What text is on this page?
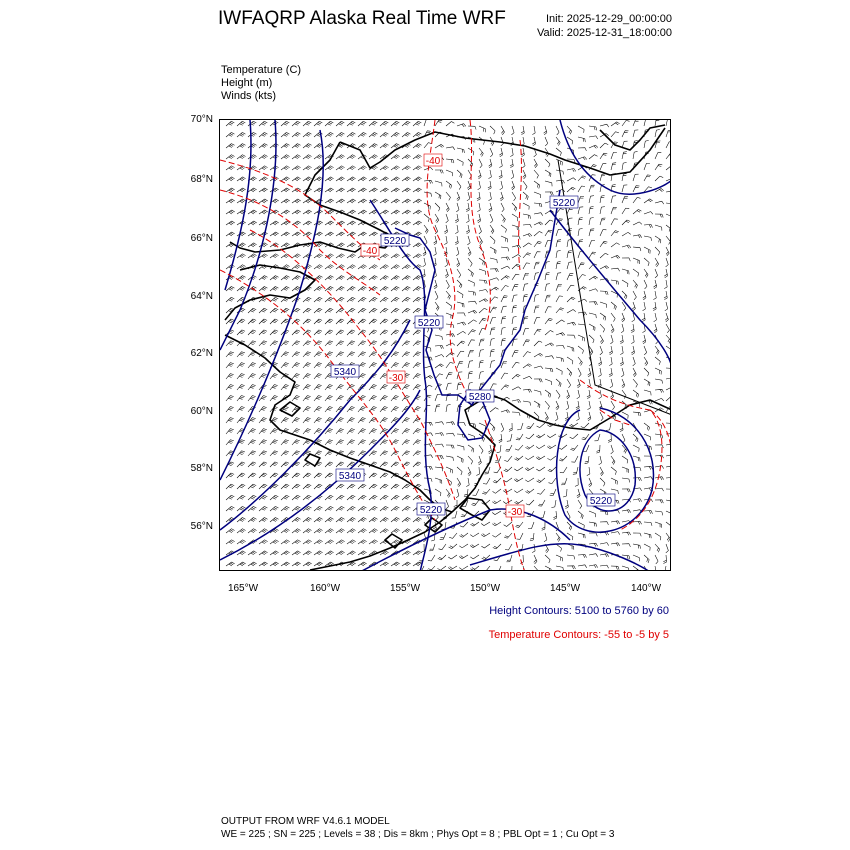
IWFAQRP Alaska Real Time WRF	Init: 2025-12-29_00:00:00
Valid: 2025-12-31_18:00:00
Temperature (C)
Height (m)
Winds (kts)
70°N
68°N
66°N
64°N
62°N
60°N
58°N
56°N
165°W	160°W	155°W	150°W	145°W	140°W
5220
5220
5220
5340
5280
5220
5340
5220
-40
-40
-30
-30
Height Contours: 5100 to 5760 by 60
Temperature Contours: -55 to -5 by 5
OUTPUT FROM WRF V4.6.1 MODEL
WE = 225 ; SN = 225 ; Levels = 38 ; Dis = 8km ; Phys Opt = 8 ; PBL Opt = 1 ; Cu Opt = 3
